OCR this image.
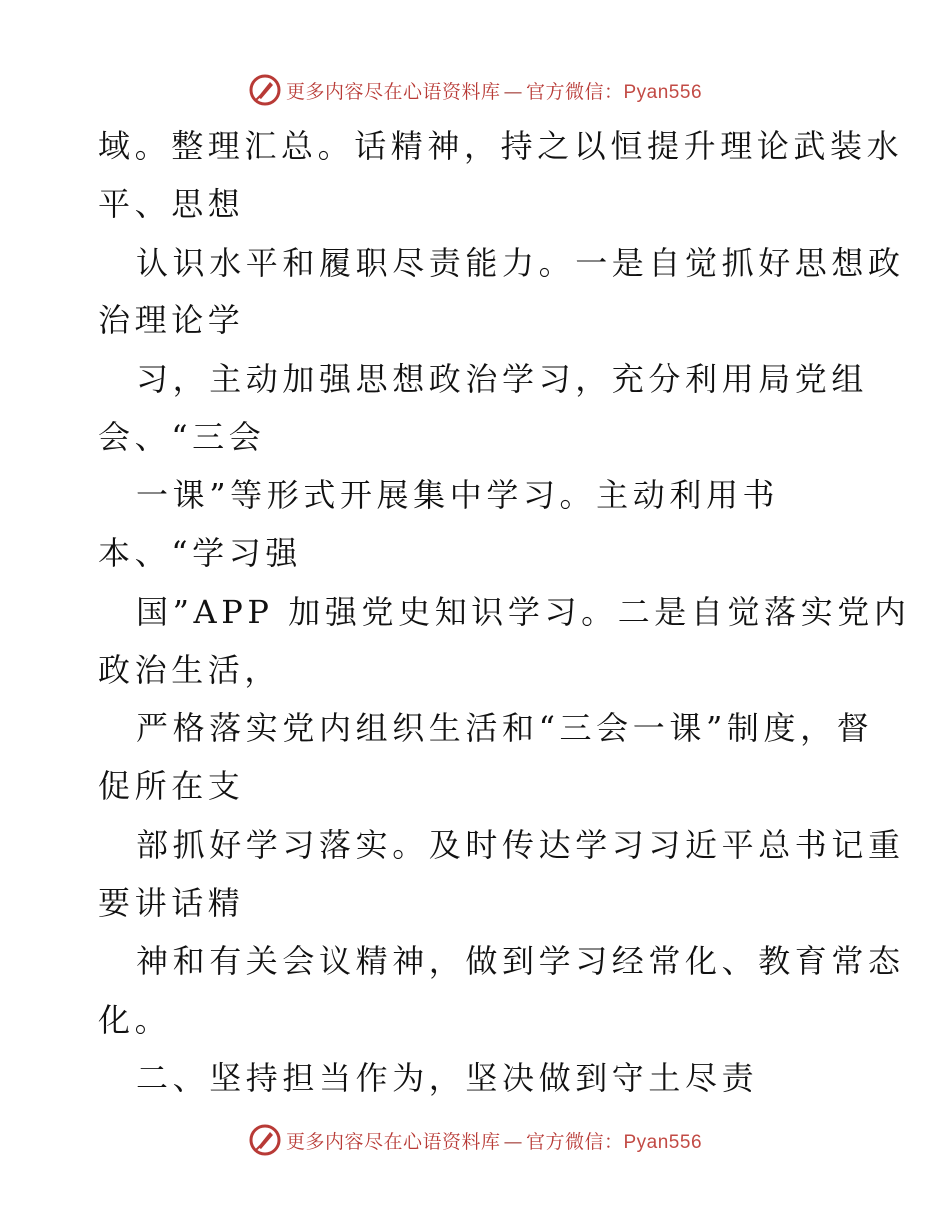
更多内容尽在心语资料库 — 官方微信：Pyan556
域。整理汇总。话精神，持之以恒提升理论武装水
平、思想
认识水平和履职尽责能力。一是自觉抓好思想政
治理论学
习，主动加强思想政治学习，充分利用局党组
会、“三会
一课”等形式开展集中学习。主动利用书
本、“学习强
国”APP 加强党史知识学习。二是自觉落实党内
政治生活，
严格落实党内组织生活和“三会一课”制度，督
促所在支
部抓好学习落实。及时传达学习习近平总书记重
要讲话精
神和有关会议精神，做到学习经常化、教育常态
化。
二、坚持担当作为，坚决做到守土尽责
更多内容尽在心语资料库 — 官方微信：Pyan556
